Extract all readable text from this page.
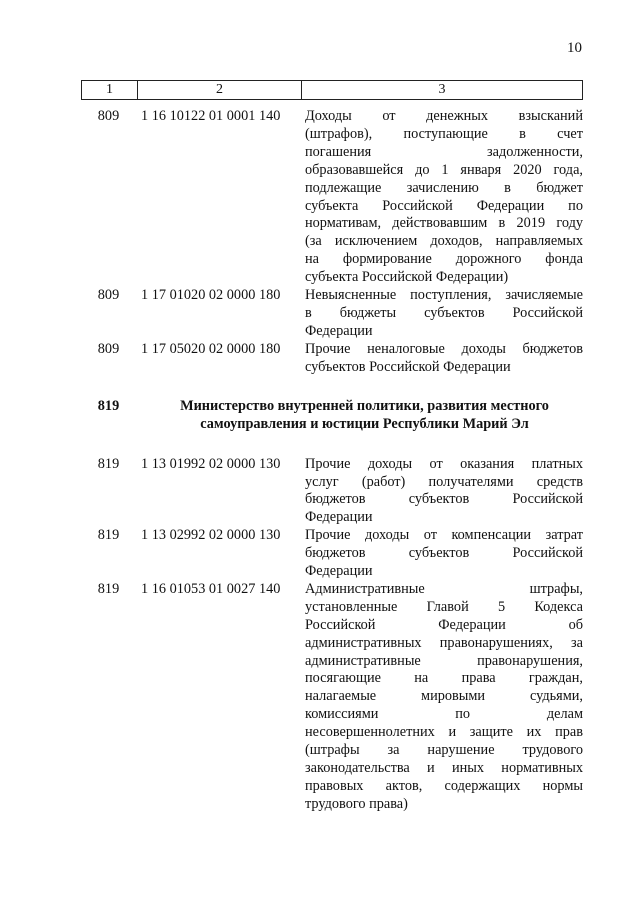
10
1	2	3
809	1 16 10122 01 0001 140	Доходы от денежных взысканий
(штрафов), поступающие в счет
погашения задолженности,
образовавшейся до 1 января 2020 года,
подлежащие зачислению в бюджет
субъекта Российской Федерации по
нормативам, действовавшим в 2019 году
(за исключением доходов, направляемых
на формирование дорожного фонда
субъекта Российской Федерации)
809	1 17 01020 02 0000 180	Невыясненные поступления, зачисляемые
в бюджеты субъектов Российской
Федерации
809	1 17 05020 02 0000 180	Прочие неналоговые доходы бюджетов
субъектов Российской Федерации
819	Министерство внутренней политики, развития местного
самоуправления и юстиции Республики Марий Эл
819	1 13 01992 02 0000 130	Прочие доходы от оказания платных
услуг (работ) получателями средств
бюджетов субъектов Российской
Федерации
819	1 13 02992 02 0000 130	Прочие доходы от компенсации затрат
бюджетов субъектов Российской
Федерации
819	1 16 01053 01 0027 140	Административные штрафы,
установленные Главой 5 Кодекса
Российской Федерации об
административных правонарушениях, за
административные правонарушения,
посягающие на права граждан,
налагаемые мировыми судьями,
комиссиями по делам
несовершеннолетних и защите их прав
(штрафы за нарушение трудового
законодательства и иных нормативных
правовых актов, содержащих нормы
трудового права)
